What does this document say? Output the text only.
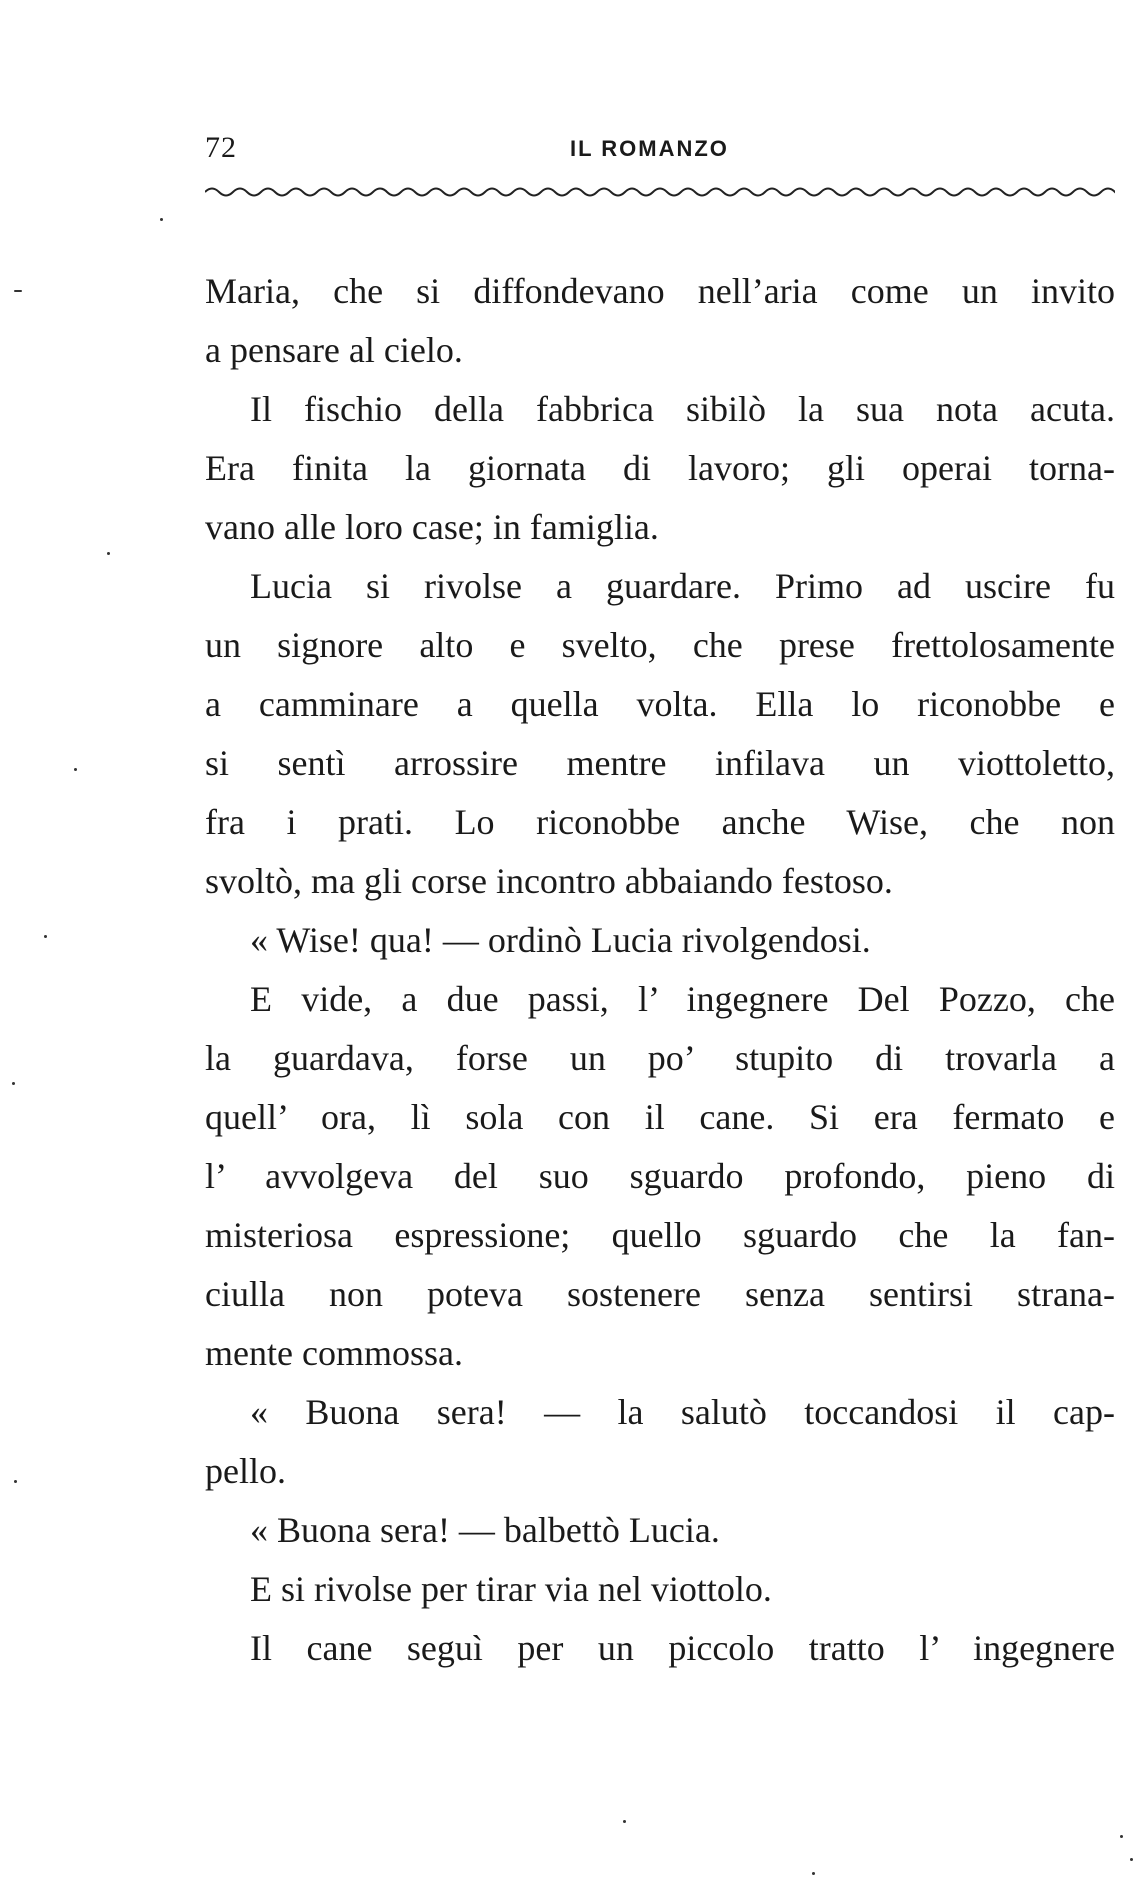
72	IL ROMANZO
Maria, che si diffondevano nell’aria come un invito
a pensare al cielo.
Il fischio della fabbrica sibilò la sua nota acuta.
Era finita la giornata di lavoro; gli operai torna-
vano alle loro case; in famiglia.
Lucia si rivolse a guardare. Primo ad uscire fu
un signore alto e svelto, che prese frettolosamente
a camminare a quella volta. Ella lo riconobbe e
si sentì arrossire mentre infilava un viottoletto,
fra i prati. Lo riconobbe anche Wise, che non
svoltò, ma gli corse incontro abbaiando festoso.
« Wise! qua! — ordinò Lucia rivolgendosi.
E vide, a due passi, l’ ingegnere Del Pozzo, che
la guardava, forse un po’ stupito di trovarla a
quell’ ora, lì sola con il cane. Si era fermato e
l’ avvolgeva del suo sguardo profondo, pieno di
misteriosa espressione; quello sguardo che la fan-
ciulla non poteva sostenere senza sentirsi strana-
mente commossa.
« Buona sera! — la salutò toccandosi il cap-
pello.
« Buona sera! — balbettò Lucia.
E si rivolse per tirar via nel viottolo.
Il cane seguì per un piccolo tratto l’ ingegnere
